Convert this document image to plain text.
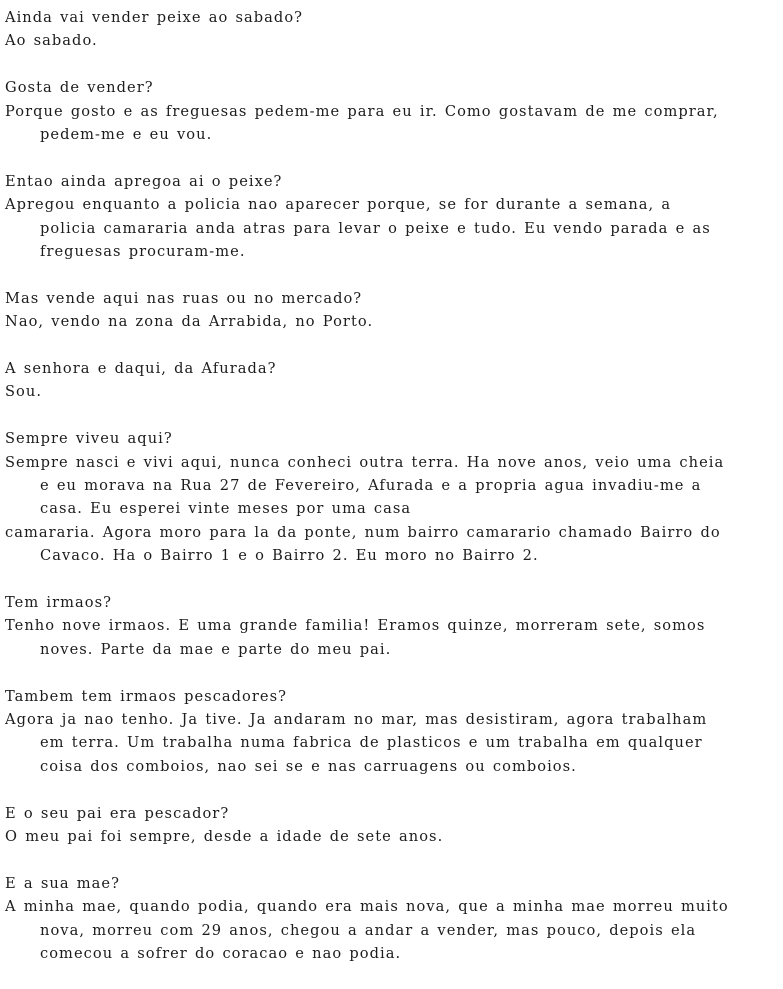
Ainda vai vender peixe ao sabado?

Ao sabado.

Gosta de vender?

Porque gosto e as freguesas pedem-me para eu ir. Como gostavam de me comprar,

pedem-me e eu vou.

Entao ainda apregoa ai o peixe?

Apregou enquanto a policia nao aparecer porque, se for durante a semana, a

policia camararia anda atras para levar o peixe e tudo. Eu vendo parada e as

freguesas procuram-me.

Mas vende aqui nas ruas ou no mercado?

Nao, vendo na zona da Arrabida, no Porto.

A senhora e daqui, da Afurada?

Sou.

Sempre viveu aqui?

Sempre nasci e vivi aqui, nunca conheci outra terra. Ha nove anos, veio uma cheia

e eu morava na Rua 27 de Fevereiro, Afurada e a propria agua invadiu-me a

casa. Eu esperei vinte meses por uma casa

camararia. Agora moro para la da ponte, num bairro camarario chamado Bairro do

Cavaco. Ha o Bairro 1 e o Bairro 2. Eu moro no Bairro 2.

Tem irmaos?

Tenho nove irmaos. E uma grande familia! Eramos quinze, morreram sete, somos

noves. Parte da mae e parte do meu pai.

Tambem tem irmaos pescadores?

Agora ja nao tenho. Ja tive. Ja andaram no mar, mas desistiram, agora trabalham

em terra. Um trabalha numa fabrica de plasticos e um trabalha em qualquer

coisa dos comboios, nao sei se e nas carruagens ou comboios.

E o seu pai era pescador?

O meu pai foi sempre, desde a idade de sete anos.

E a sua mae?

A minha mae, quando podia, quando era mais nova, que a minha mae morreu muito

nova, morreu com 29 anos, chegou a andar a vender, mas pouco, depois ela

comecou a sofrer do coracao e nao podia.
